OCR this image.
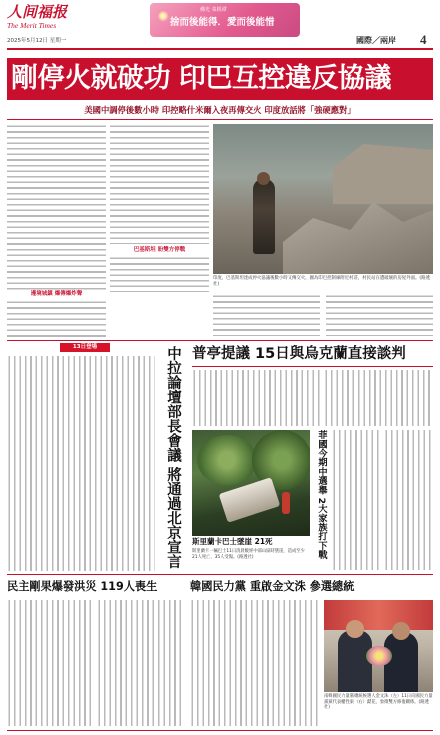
人间福报
The Merit Times
2025年5月12日 星期一
佛光 菜根谭
捨而後能得．愛而後能惜
國際／兩岸 4
剛停火就破功 印巴互控違反協議
美國中調停後數小時 印控略什米爾入夜再傳交火 印度放話將「強硬應對」
邊境城鎮 爆傳爆炸聲
巴基斯坦 盼雙方停戰
印度、巴基斯坦達成停火協議後數小時又傳交火，圖為印巴控制線附近村莊，村民站在遭破壞的房屋外面。(路透社)
13日登場	中拉論壇部長會議 將通過北京宣言 普亭提議 15日與烏克蘭直接談判
斯里蘭卡巴士墜崖 21死
斯里蘭卡一輛巴士11日清晨駛經中部山區時墜崖，造成至少21人死亡、35人受傷。(路透社)	菲國今期中選舉 2大家族打下戰
民主剛果爆發洪災 119人喪生	韓國民力黨 重啟金文洙 參選總統
南韓國民力量黨總統候選人金文洙（左）11日向國民力量黨黨代表權性東（右）獻花，象徵雙方修復關係。(路透社)
